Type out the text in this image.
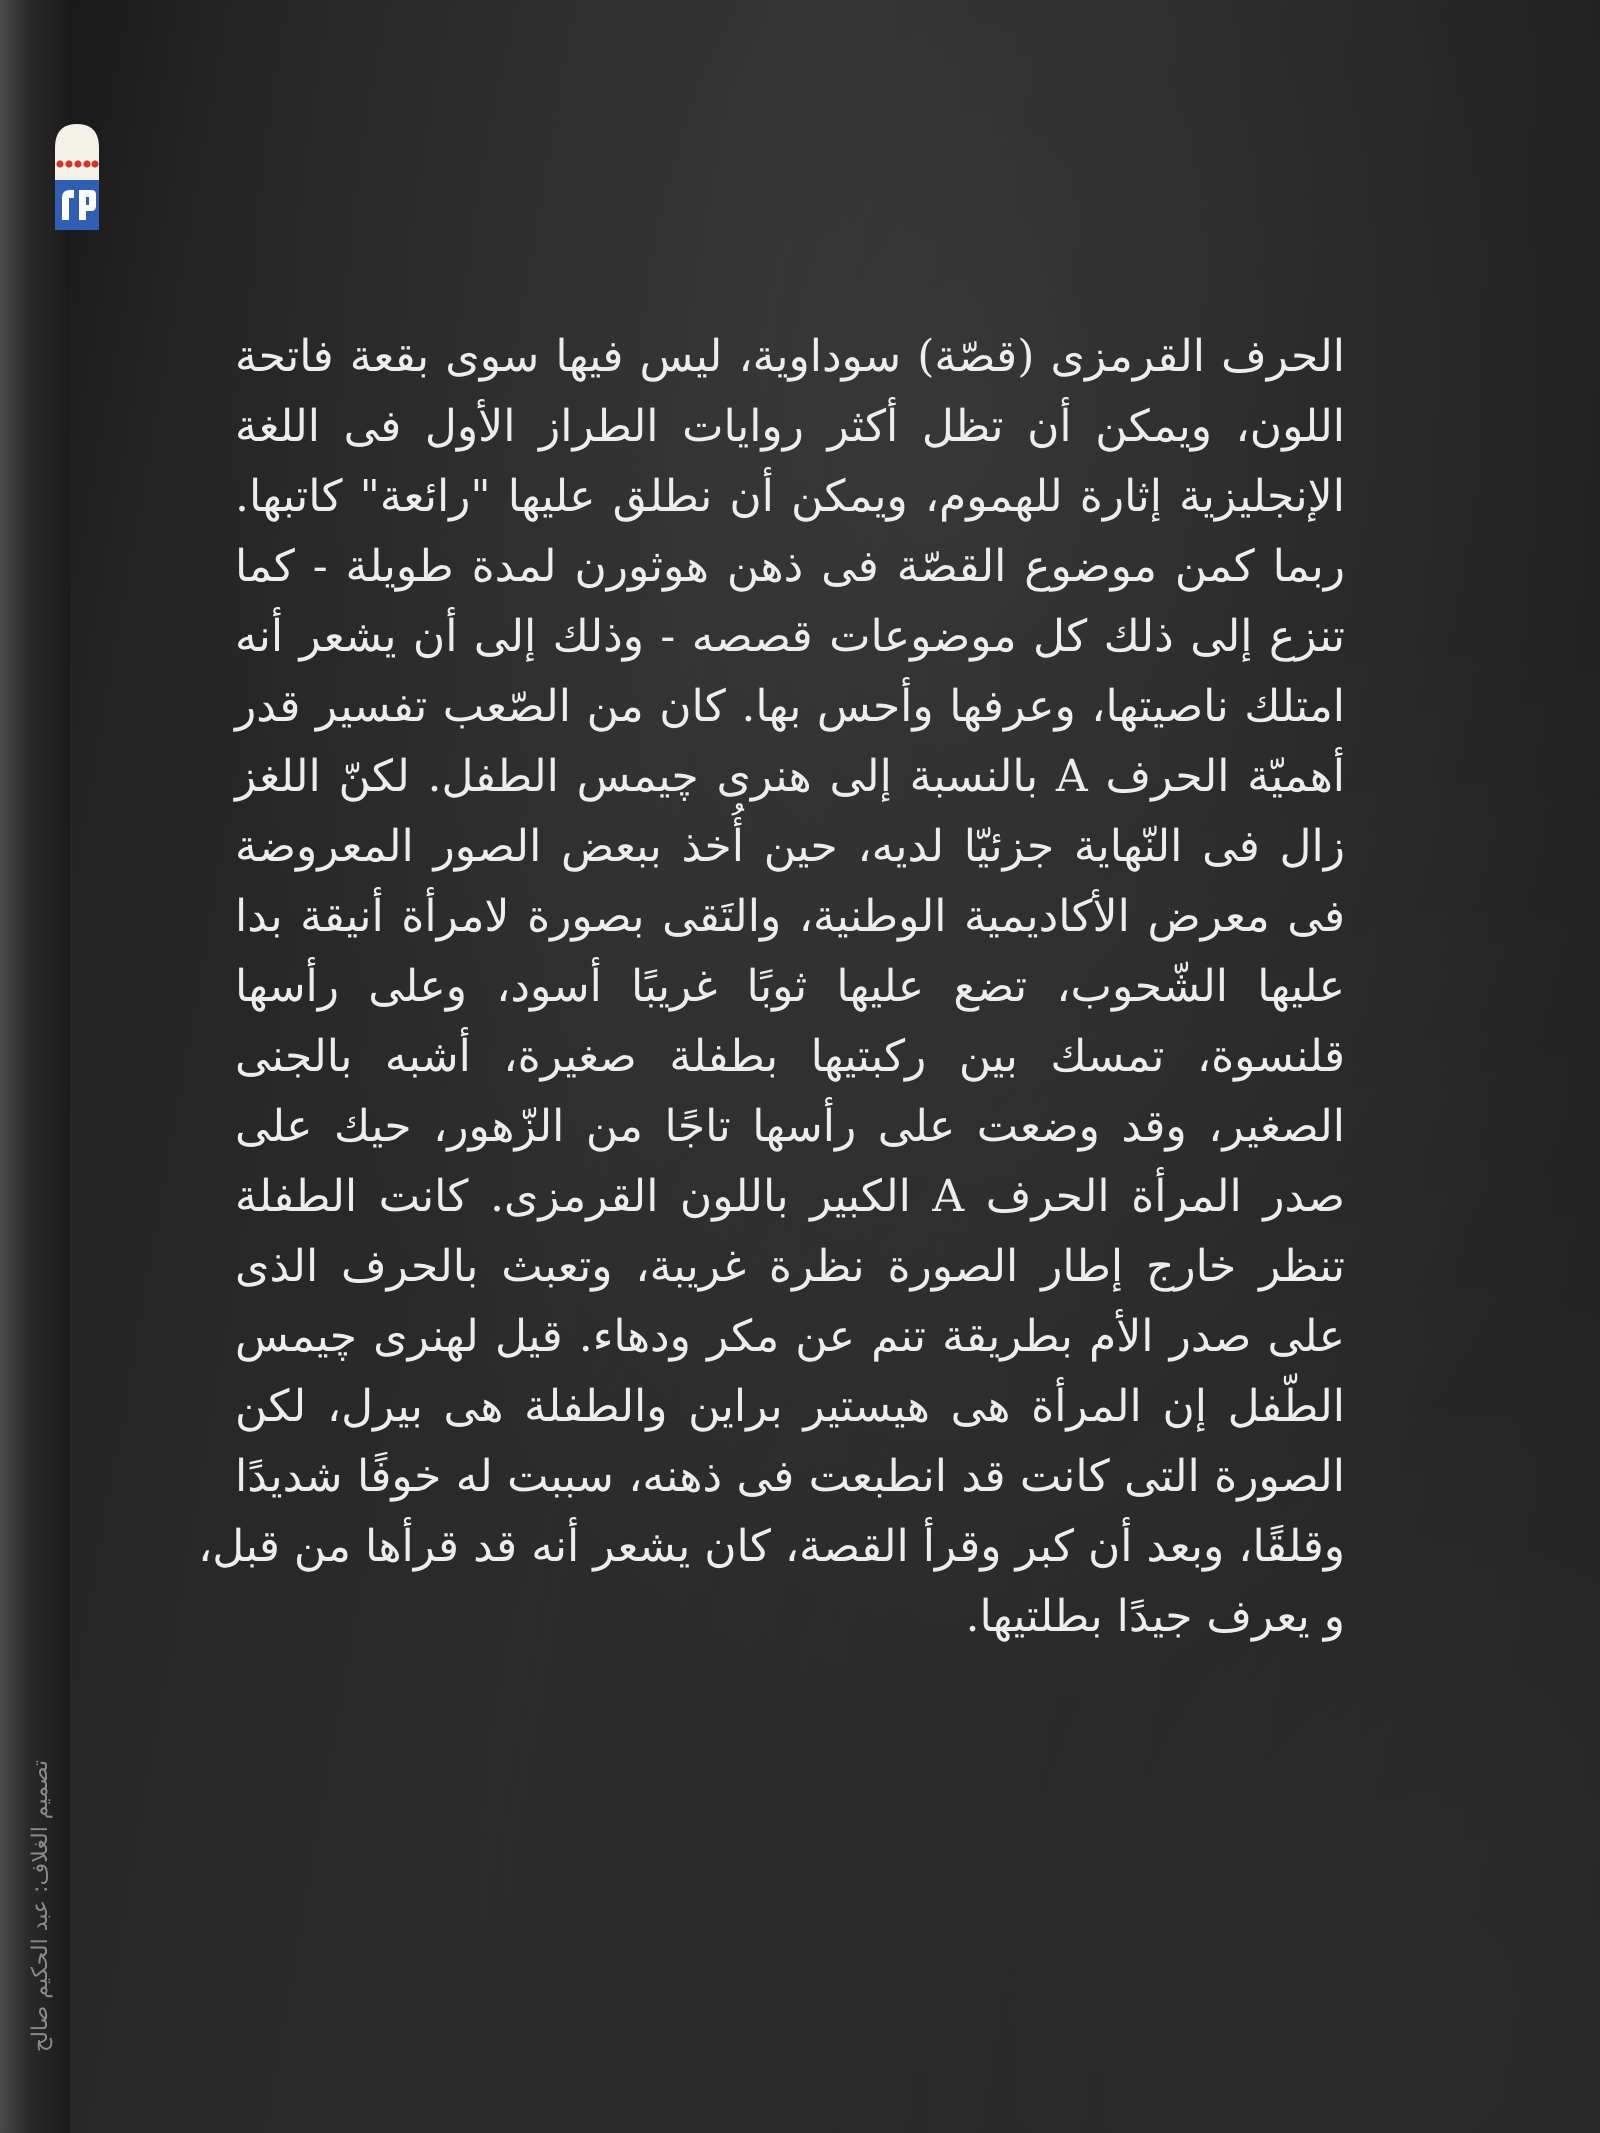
الحرف القرمزى (قصّة) سوداوية، ليس فيها سوى بقعة فاتحة
اللون، ويمكن أن تظل أكثر روايات الطراز الأول فى اللغة
الإنجليزية إثارة للهموم، ويمكن أن نطلق عليها "رائعة" كاتبها.
ربما كمن موضوع القصّة فى ذهن هوثورن لمدة طويلة - كما
تنزع إلى ذلك كل موضوعات قصصه - وذلك إلى أن يشعر أنه
امتلك ناصيتها، وعرفها وأحس بها. كان من الصّعب تفسير قدر
أهميّة الحرف A بالنسبة إلى هنرى چيمس الطفل. لكنّ اللغز
زال فى النّهاية جزئيّا لديه، حين أُخذ ببعض الصور المعروضة
فى معرض الأكاديمية الوطنية، والتَقى بصورة لامرأة أنيقة بدا
عليها الشّحوب، تضع عليها ثوبًا غريبًا أسود، وعلى رأسها
قلنسوة، تمسك بين ركبتيها بطفلة صغيرة، أشبه بالجنى
الصغير، وقد وضعت على رأسها تاجًا من الزّهور، حيك على
صدر المرأة الحرف A الكبير باللون القرمزى. كانت الطفلة
تنظر خارج إطار الصورة نظرة غريبة، وتعبث بالحرف الذى
على صدر الأم بطريقة تنم عن مكر ودهاء. قيل لهنرى چيمس
الطّفل إن المرأة هى هيستير براين والطفلة هى بيرل، لكن
الصورة التى كانت قد انطبعت فى ذهنه، سببت له خوفًا شديدًا
وقلقًا، وبعد أن كبر وقرأ القصة، كان يشعر أنه قد قرأها من قبل،
و يعرف جيدًا بطلتيها.
تصميم الغلاف: عبد الحكيم صالح
